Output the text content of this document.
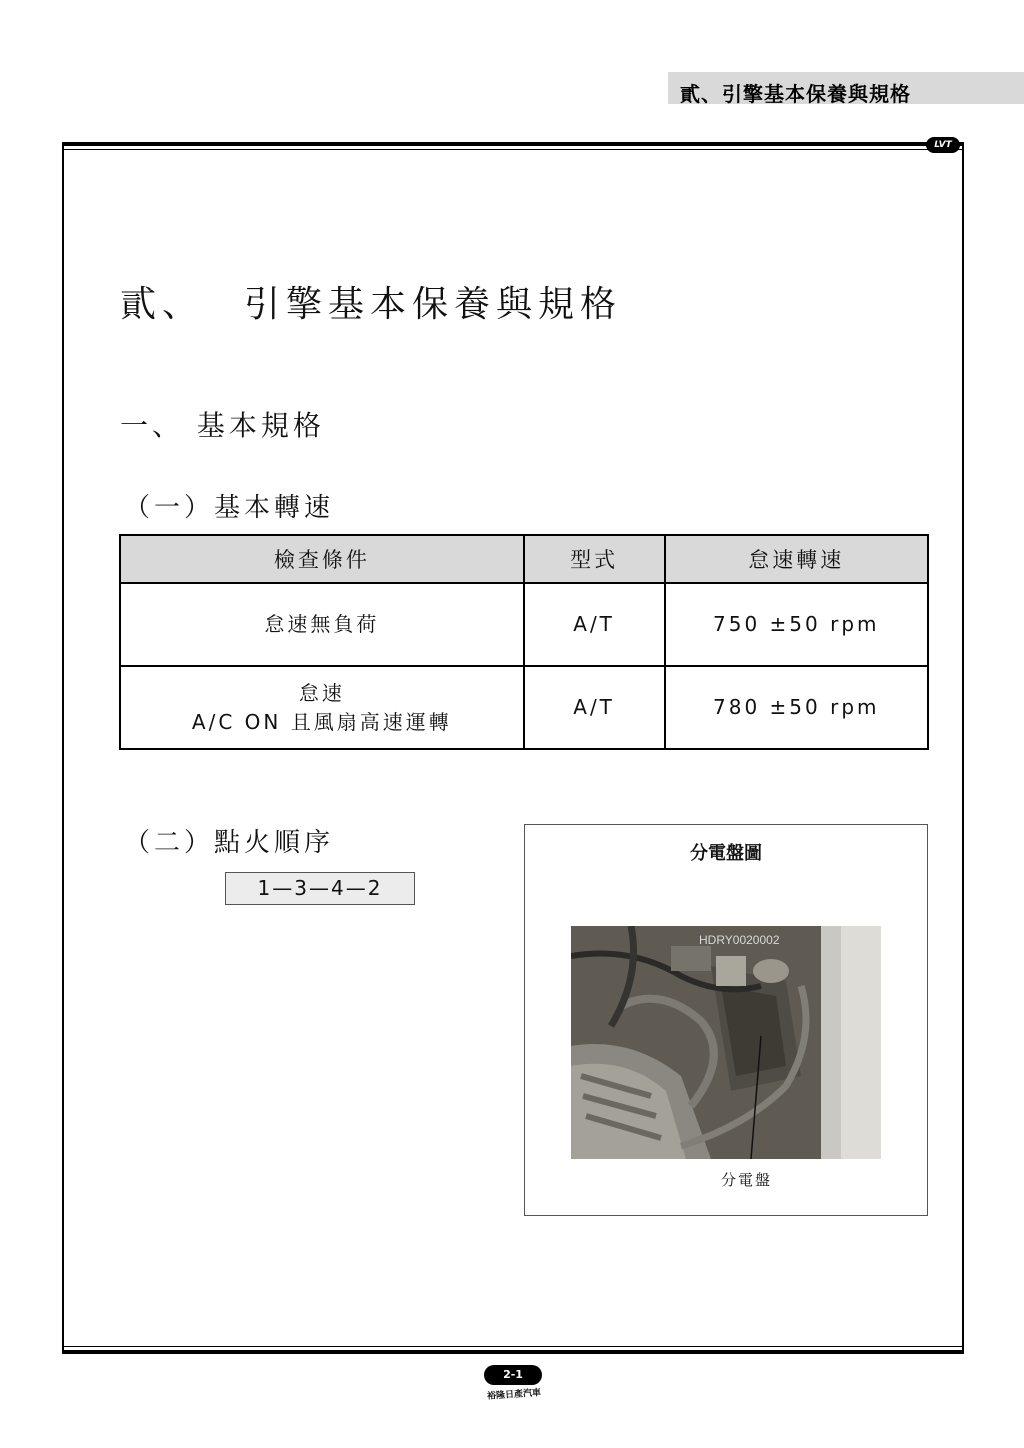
貳、引擎基本保養與規格
LVT
貳、 引擎基本保養與規格
一、 基本規格
（一）基本轉速
檢查條件	型式	怠速轉速
怠速無負荷	A/T	750 ±50 rpm
怠速
A/C ON 且風扇高速運轉	A/T	780 ±50 rpm
（二）點火順序
1—3—4—2
分電盤圖
HDRY0020002
分電盤
2-1
裕隆日產汽車
